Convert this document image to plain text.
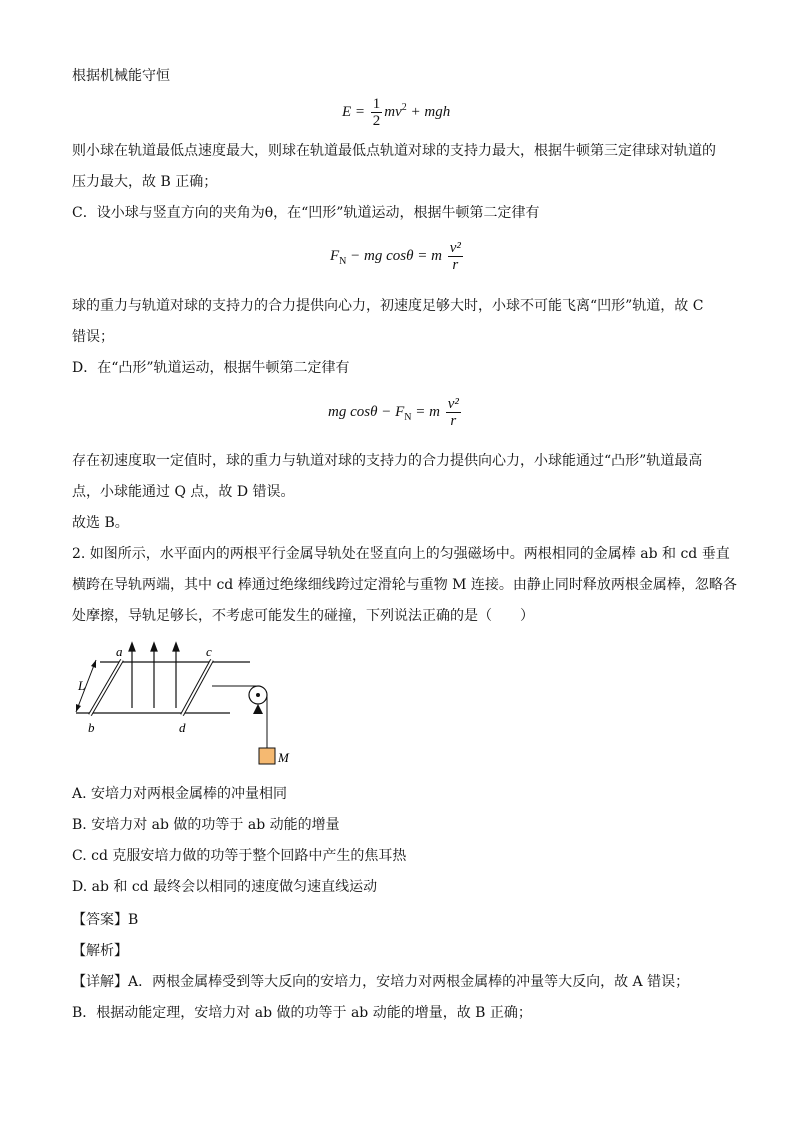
根据机械能守恒
$E = \frac{1}{2} mv^2$ + mgh
则小球在轨道最低点速度最大，则球在轨道最低点轨道对球的支持力最大，根据牛顿第三定律球对轨道的
压力最大，故 B 正确；
C．设小球与竖直方向的夹角为θ，在“凹形”轨道运动，根据牛顿第二定律有
$F_N$ − mg cosθ = m $\frac{\text{v²}}{r}$
球的重力与轨道对球的支持力的合力提供向心力，初速度足够大时，小球不可能飞离“凹形”轨道，故 C
错误；
D．在“凸形”轨道运动，根据牛顿第二定律有
mg $\cos\theta - F_N = m \frac{\text{v²}}{r}$
存在初速度取一定值时，球的重力与轨道对球的支持力的合力提供向心力，小球能通过“凸形”轨道最高
点，小球能通过 Q 点，故 D 错误。
故选 B。
2. 如图所示，水平面内的两根平行金属导轨处在竖直向上的匀强磁场中。两根相同的金属棒 ab 和 cd 垂直
横跨在导轨两端，其中 cd 棒通过绝缘细线跨过定滑轮与重物 M 连接。由静止同时释放两根金属棒，忽略各
处摩擦，导轨足够长，不考虑可能发生的碰撞，下列说法正确的是（　　）
a
b
c
d
L
M
A. 安培力对两根金属棒的冲量相同
B. 安培力对 ab 做的功等于 ab 动能的增量
C. cd 克服安培力做的功等于整个回路中产生的焦耳热
D. ab 和 cd 最终会以相同的速度做匀速直线运动
【答案】B
【解析】
【详解】A．两根金属棒受到等大反向的安培力，安培力对两根金属棒的冲量等大反向，故 A 错误；
B．根据动能定理，安培力对 ab 做的功等于 ab 动能的增量，故 B 正确；
